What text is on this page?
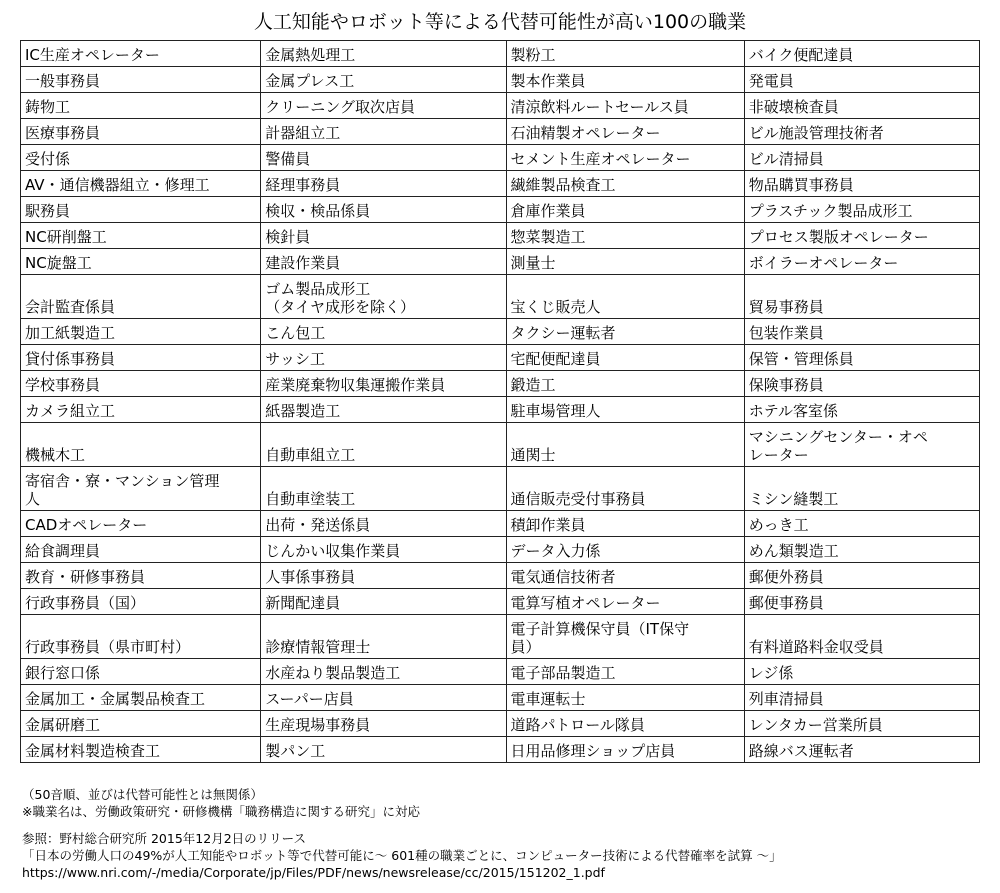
人工知能やロボット等による代替可能性が高い100の職業
IC生産オペレーター	金属熱処理工	製粉工	バイク便配達員

一般事務員	金属プレス工	製本作業員	発電員

鋳物工	クリーニング取次店員	清涼飲料ルートセールス員	非破壊検査員

医療事務員	計器組立工	石油精製オペレーター	ビル施設管理技術者

受付係	警備員	セメント生産オペレーター	ビル清掃員

AV・通信機器組立・修理工	経理事務員	繊維製品検査工	物品購買事務員

駅務員	検収・検品係員	倉庫作業員	プラスチック製品成形工

NC研削盤工	検針員	惣菜製造工	プロセス製版オペレーター

NC旋盤工	建設作業員	測量士	ボイラーオペレーター

会計監査係員	ゴム製品成形工
（タイヤ成形を除く）	宝くじ販売人	貿易事務員

加工紙製造工	こん包工	タクシー運転者	包装作業員

貸付係事務員	サッシ工	宅配便配達員	保管・管理係員

学校事務員	産業廃棄物収集運搬作業員	鍛造工	保険事務員

カメラ組立工	紙器製造工	駐車場管理人	ホテル客室係

機械木工	自動車組立工	通関士	マシニングセンター・オペ
レーター

寄宿舎・寮・マンション管理
人	自動車塗装工	通信販売受付事務員	ミシン縫製工

CADオペレーター	出荷・発送係員	積卸作業員	めっき工

給食調理員	じんかい収集作業員	データ入力係	めん類製造工

教育・研修事務員	人事係事務員	電気通信技術者	郵便外務員

行政事務員（国）	新聞配達員	電算写植オペレーター	郵便事務員

行政事務員（県市町村）	診療情報管理士	電子計算機保守員（IT保守
員）	有料道路料金収受員

銀行窓口係	水産ねり製品製造工	電子部品製造工	レジ係

金属加工・金属製品検査工	スーパー店員	電車運転士	列車清掃員

金属研磨工	生産現場事務員	道路パトロール隊員	レンタカー営業所員

金属材料製造検査工	製パン工	日用品修理ショップ店員	路線バス運転者
（50音順、並びは代替可能性とは無関係）
※職業名は、労働政策研究・研修機構「職務構造に関する研究」に対応
参照：野村総合研究所 2015年12月2日のリリース
「日本の労働人口の49%が人工知能やロボット等で代替可能に～ 601種の職業ごとに、コンピューター技術による代替確率を試算 ～」
https://www.nri.com/-/media/Corporate/jp/Files/PDF/news/newsrelease/cc/2015/151202_1.pdf
